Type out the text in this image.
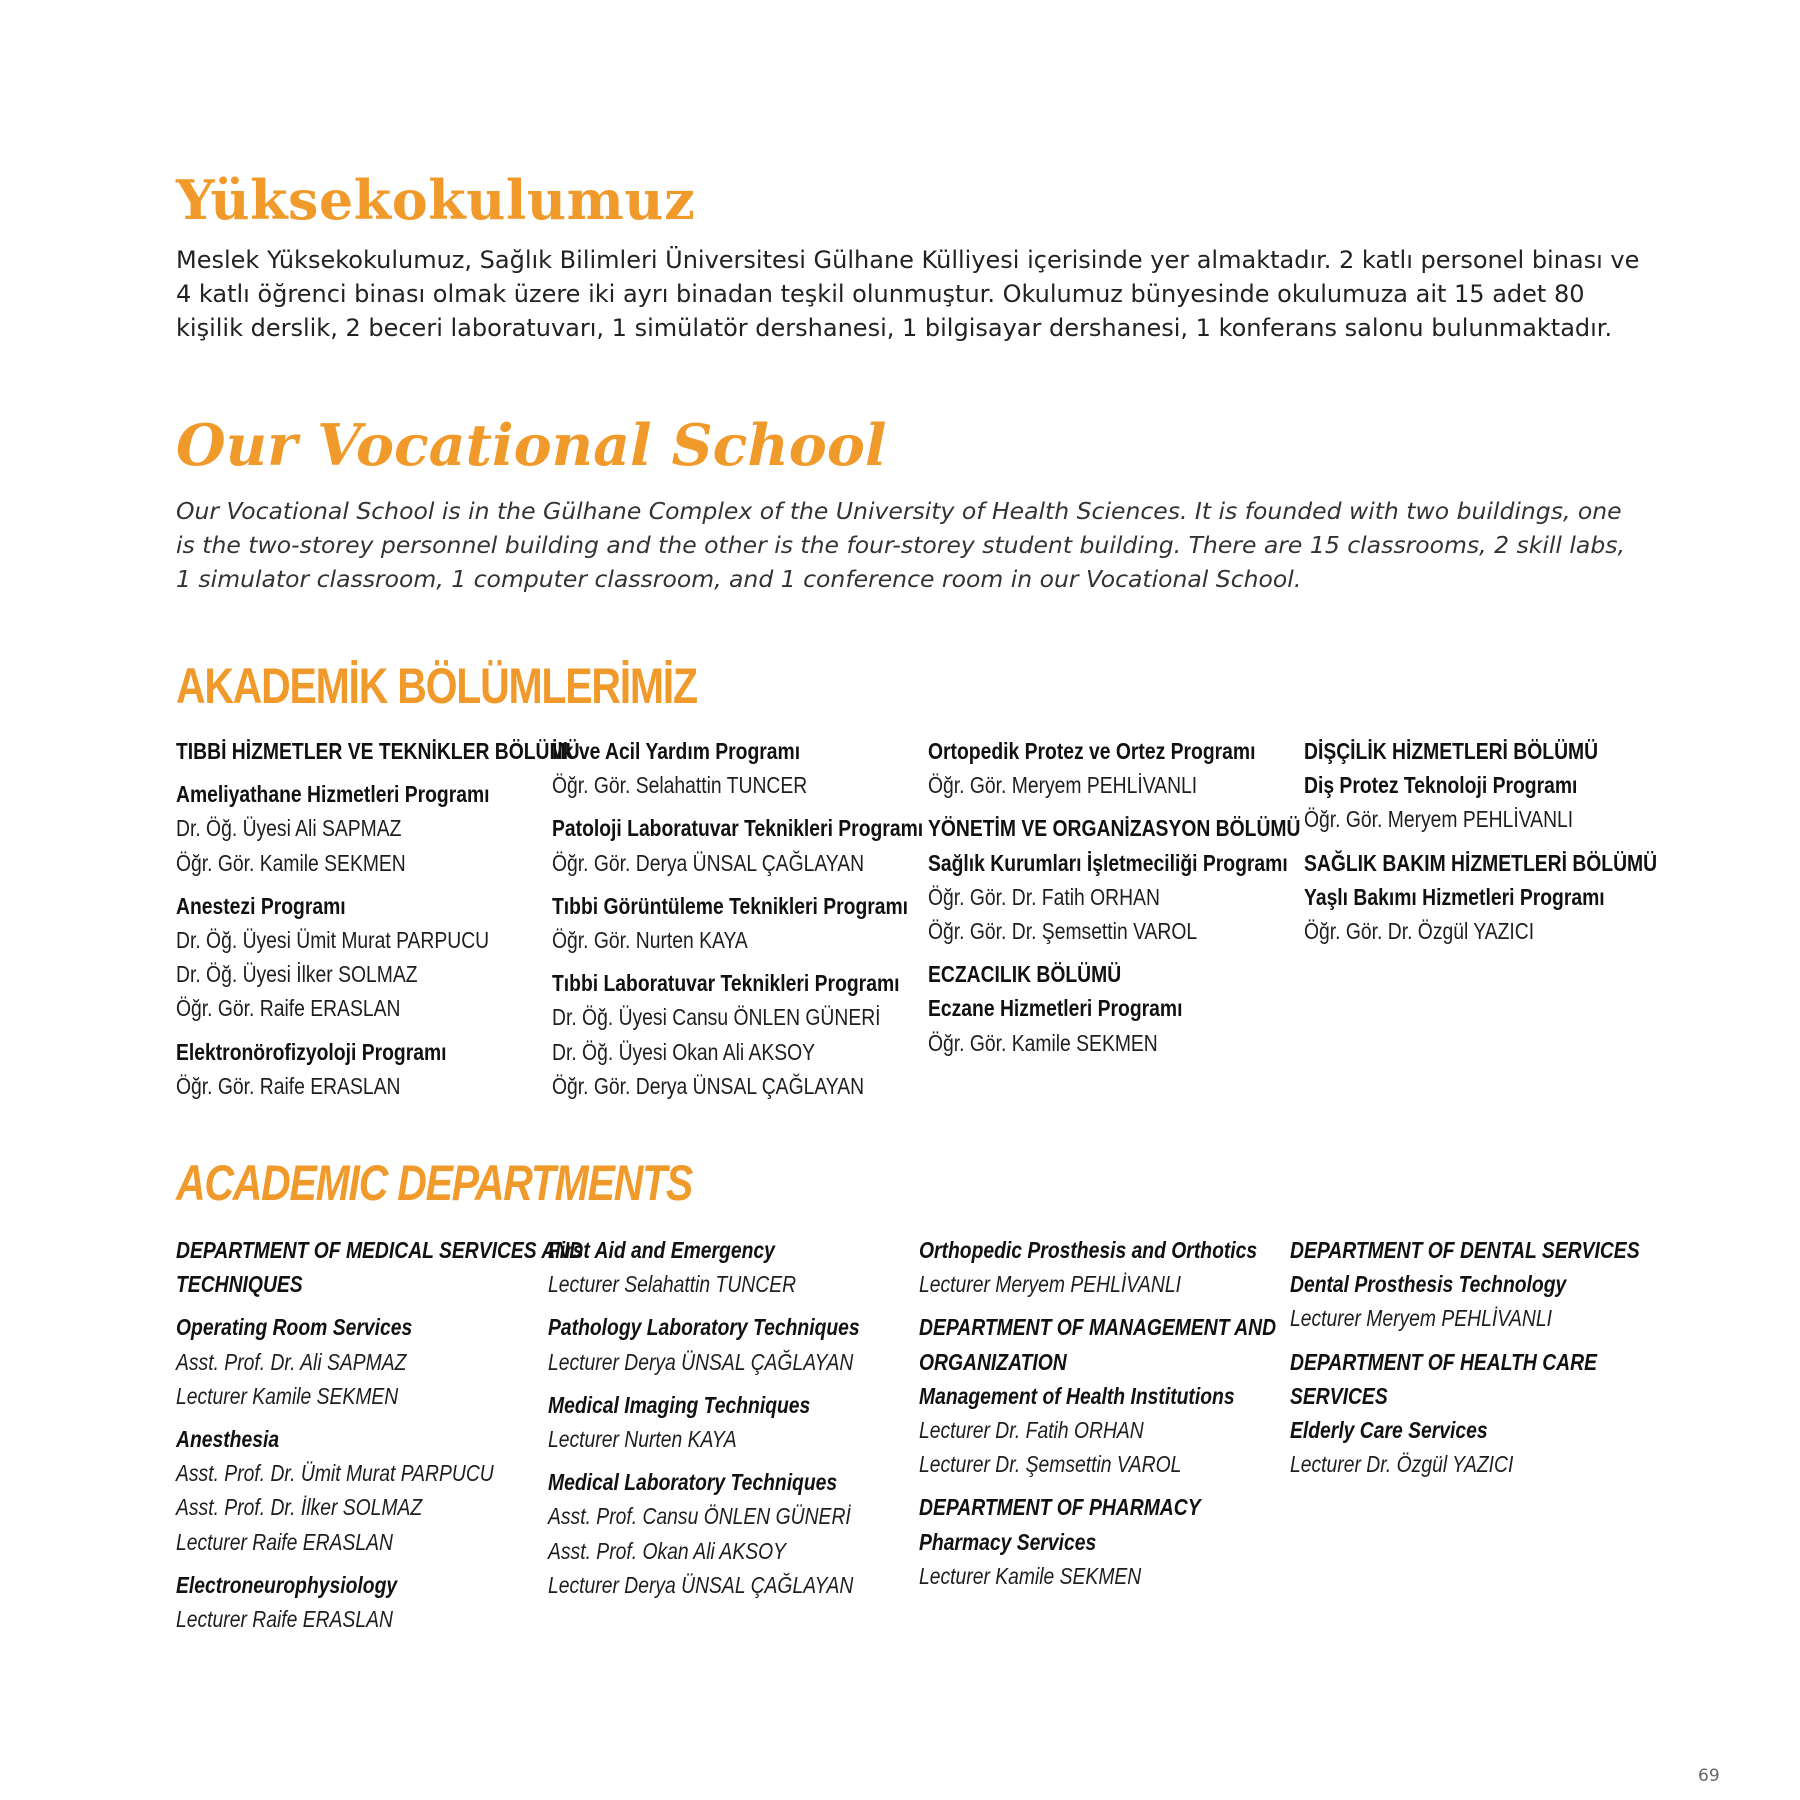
Yüksekokulumuz

Meslek Yüksekokulumuz, Sağlık Bilimleri Üniversitesi Gülhane Külliyesi içerisinde yer almaktadır. 2 katlı personel binası ve 4 katlı öğrenci binası olmak üzere iki ayrı binadan teşkil olunmuştur. Okulumuz bünyesinde okulumuza ait 15 adet 80 kişilik derslik, 2 beceri laboratuvarı, 1 simülatör dershanesi, 1 bilgisayar dershanesi, 1 konferans salonu bulunmaktadır.

Our Vocational School

Our Vocational School is in the Gülhane Complex of the University of Health Sciences. It is founded with two buildings, one is the two-storey personnel building and the other is the four-storey student building. There are 15 classrooms, 2 skill labs, 1 simulator classroom, 1 computer classroom, and 1 conference room in our Vocational School.

AKADEMİK BÖLÜMLERİMİZ
TIBBİ HİZMETLER VE TEKNİKLER BÖLÜMÜ
Ameliyathane Hizmetleri Programı
Dr. Öğ. Üyesi Ali SAPMAZ
Öğr. Gör. Kamile SEKMEN
Anestezi Programı
Dr. Öğ. Üyesi Ümit Murat PARPUCU
Dr. Öğ. Üyesi İlker SOLMAZ
Öğr. Gör. Raife ERASLAN
Elektronörofizyoloji Programı
Öğr. Gör. Raife ERASLAN
İlk ve Acil Yardım Programı
Öğr. Gör. Selahattin TUNCER
Patoloji Laboratuvar Teknikleri Programı
Öğr. Gör. Derya ÜNSAL ÇAĞLAYAN
Tıbbi Görüntüleme Teknikleri Programı
Öğr. Gör. Nurten KAYA
Tıbbi Laboratuvar Teknikleri Programı
Dr. Öğ. Üyesi Cansu ÖNLEN GÜNERİ
Dr. Öğ. Üyesi Okan Ali AKSOY
Öğr. Gör. Derya ÜNSAL ÇAĞLAYAN
Ortopedik Protez ve Ortez Programı
Öğr. Gör. Meryem PEHLİVANLI
YÖNETİM VE ORGANİZASYON BÖLÜMÜ
Sağlık Kurumları İşletmeciliği Programı
Öğr. Gör. Dr. Fatih ORHAN
Öğr. Gör. Dr. Şemsettin VAROL
ECZACILIK BÖLÜMÜ
Eczane Hizmetleri Programı
Öğr. Gör. Kamile SEKMEN
DİŞÇİLİK HİZMETLERİ BÖLÜMÜ
Diş Protez Teknoloji Programı
Öğr. Gör. Meryem PEHLİVANLI
SAĞLIK BAKIM HİZMETLERİ BÖLÜMÜ
Yaşlı Bakımı Hizmetleri Programı
Öğr. Gör. Dr. Özgül YAZICI
ACADEMIC DEPARTMENTS
DEPARTMENT OF MEDICAL SERVICES AND
TECHNIQUES
Operating Room Services
Asst. Prof. Dr. Ali SAPMAZ
Lecturer Kamile SEKMEN
Anesthesia
Asst. Prof. Dr. Ümit Murat PARPUCU
Asst. Prof. Dr. İlker SOLMAZ
Lecturer Raife ERASLAN
Electroneurophysiology
Lecturer Raife ERASLAN
First Aid and Emergency
Lecturer Selahattin TUNCER
Pathology Laboratory Techniques
Lecturer Derya ÜNSAL ÇAĞLAYAN
Medical Imaging Techniques
Lecturer Nurten KAYA
Medical Laboratory Techniques
Asst. Prof. Cansu ÖNLEN GÜNERİ
Asst. Prof. Okan Ali AKSOY
Lecturer Derya ÜNSAL ÇAĞLAYAN
Orthopedic Prosthesis and Orthotics
Lecturer Meryem PEHLİVANLI
DEPARTMENT OF MANAGEMENT AND
ORGANIZATION
Management of Health Institutions
Lecturer Dr. Fatih ORHAN
Lecturer Dr. Şemsettin VAROL
DEPARTMENT OF PHARMACY
Pharmacy Services
Lecturer Kamile SEKMEN
DEPARTMENT OF DENTAL SERVICES
Dental Prosthesis Technology
Lecturer Meryem PEHLİVANLI
DEPARTMENT OF HEALTH CARE
SERVICES
Elderly Care Services
Lecturer Dr. Özgül YAZICI
69
